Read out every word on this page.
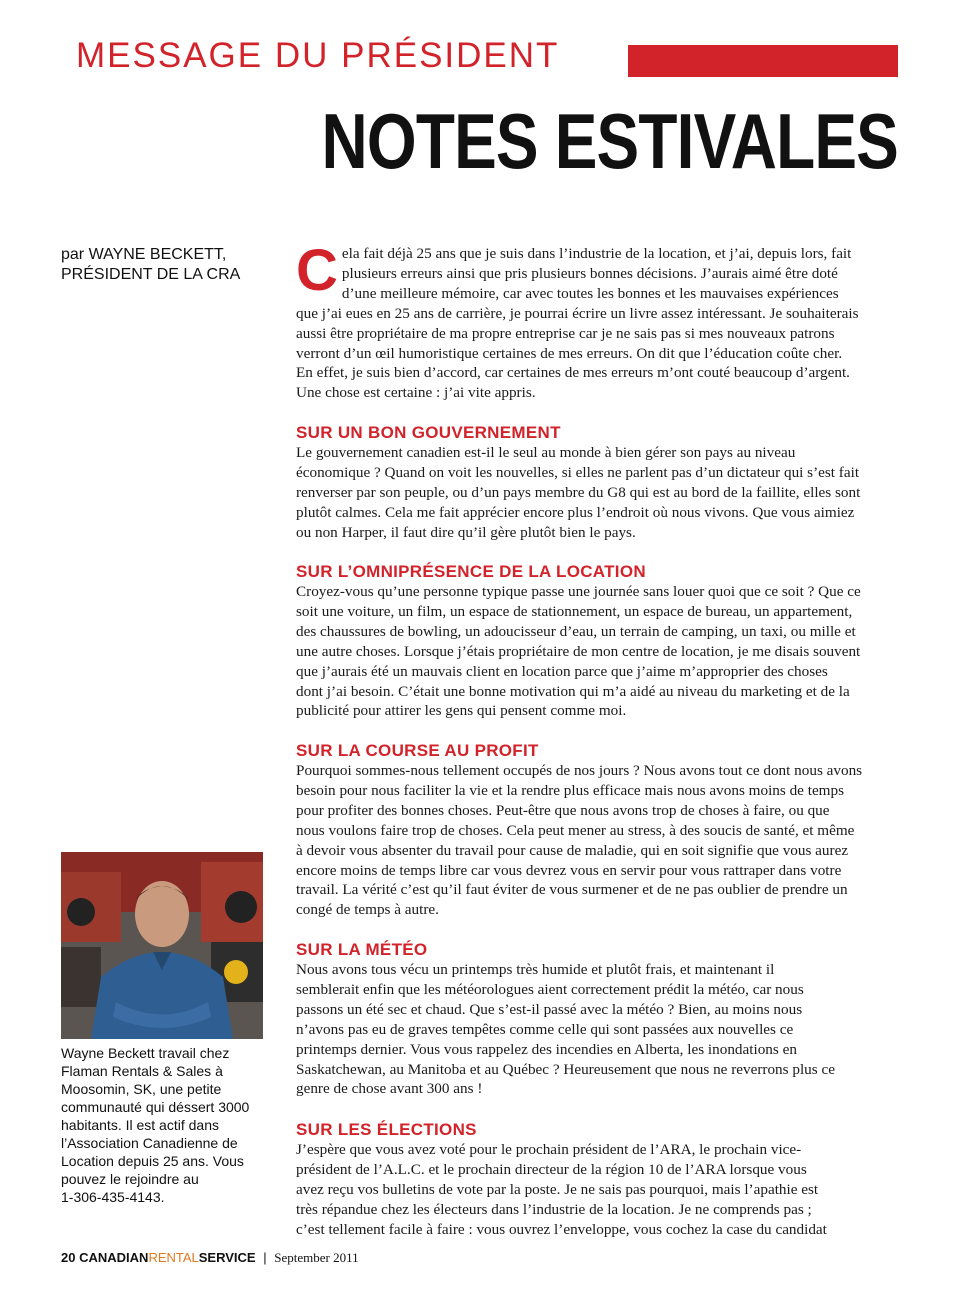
MESSAGE DU PRÉSIDENT
NOTES ESTIVALES
par WAYNE BECKETT,
PRÉSIDENT DE LA CRA C ela fait déjà 25 ans que je suis dans l’industrie de la location, et j’ai, depuis lors, fait
plusieurs erreurs ainsi que pris plusieurs bonnes décisions. J’aurais aimé être doté
d’une meilleure mémoire, car avec toutes les bonnes et les mauvaises expériences
que j’ai eues en 25 ans de carrière, je pourrai écrire un livre assez intéressant. Je souhaiterais
aussi être propriétaire de ma propre entreprise car je ne sais pas si mes nouveaux patrons
verront d’un œil humoristique certaines de mes erreurs. On dit que l’éducation coûte cher.
En effet, je suis bien d’accord, car certaines de mes erreurs m’ont couté beaucoup d’argent.
Une chose est certaine : j’ai vite appris.
SUR UN BON GOUVERNEMENT
Le gouvernement canadien est-il le seul au monde à bien gérer son pays au niveau
économique ? Quand on voit les nouvelles, si elles ne parlent pas d’un dictateur qui s’est fait
renverser par son peuple, ou d’un pays membre du G8 qui est au bord de la faillite, elles sont
plutôt calmes. Cela me fait apprécier encore plus l’endroit où nous vivons. Que vous aimiez
ou non Harper, il faut dire qu’il gère plutôt bien le pays.
SUR L’OMNIPRÉSENCE DE LA LOCATION
Croyez-vous qu’une personne typique passe une journée sans louer quoi que ce soit ? Que ce
soit une voiture, un film, un espace de stationnement, un espace de bureau, un appartement,
des chaussures de bowling, un adoucisseur d’eau, un terrain de camping, un taxi, ou mille et
une autre choses. Lorsque j’étais propriétaire de mon centre de location, je me disais souvent
que j’aurais été un mauvais client en location parce que j’aime m’approprier des choses
dont j’ai besoin. C’était une bonne motivation qui m’a aidé au niveau du marketing et de la
publicité pour attirer les gens qui pensent comme moi.
SUR LA COURSE AU PROFIT
Pourquoi sommes-nous tellement occupés de nos jours ? Nous avons tout ce dont nous avons
besoin pour nous faciliter la vie et la rendre plus efficace mais nous avons moins de temps
pour profiter des bonnes choses. Peut-être que nous avons trop de choses à faire, ou que
nous voulons faire trop de choses. Cela peut mener au stress, à des soucis de santé, et même
à devoir vous absenter du travail pour cause de maladie, qui en soit signifie que vous aurez
encore moins de temps libre car vous devrez vous en servir pour vous rattraper dans votre
travail. La vérité c’est qu’il faut éviter de vous surmener et de ne pas oublier de prendre un
congé de temps à autre.
SUR LA MÉTÉO
Nous avons tous vécu un printemps très humide et plutôt frais, et maintenant il
semblerait enfin que les météorologues aient correctement prédit la météo, car nous
passons un été sec et chaud. Que s’est-il passé avec la météo ? Bien, au moins nous
n’avons pas eu de graves tempêtes comme celle qui sont passées aux nouvelles ce
printemps dernier. Vous vous rappelez des incendies en Alberta, les inondations en
Saskatchewan, au Manitoba et au Québec ? Heureusement que nous ne reverrons plus ce
genre de chose avant 300 ans !
SUR LES ÉLECTIONS
J’espère que vous avez voté pour le prochain président de l’ARA, le prochain vice-
président de l’A.L.C. et le prochain directeur de la région 10 de l’ARA lorsque vous
avez reçu vos bulletins de vote par la poste. Je ne sais pas pourquoi, mais l’apathie est
très répandue chez les électeurs dans l’industrie de la location. Je ne comprends pas ;
c’est tellement facile à faire : vous ouvrez l’enveloppe, vous cochez la case du candidat
Wayne Beckett travail chez
Flaman Rentals & Sales à
Moosomin, SK, une petite
communauté qui déssert 3000
habitants. Il est actif dans
l’Association Canadienne de
Location depuis 25 ans. Vous
pouvez le rejoindre au
1-306-435-4143.
20 CANADIANRENTALSERVICE | September 2011
